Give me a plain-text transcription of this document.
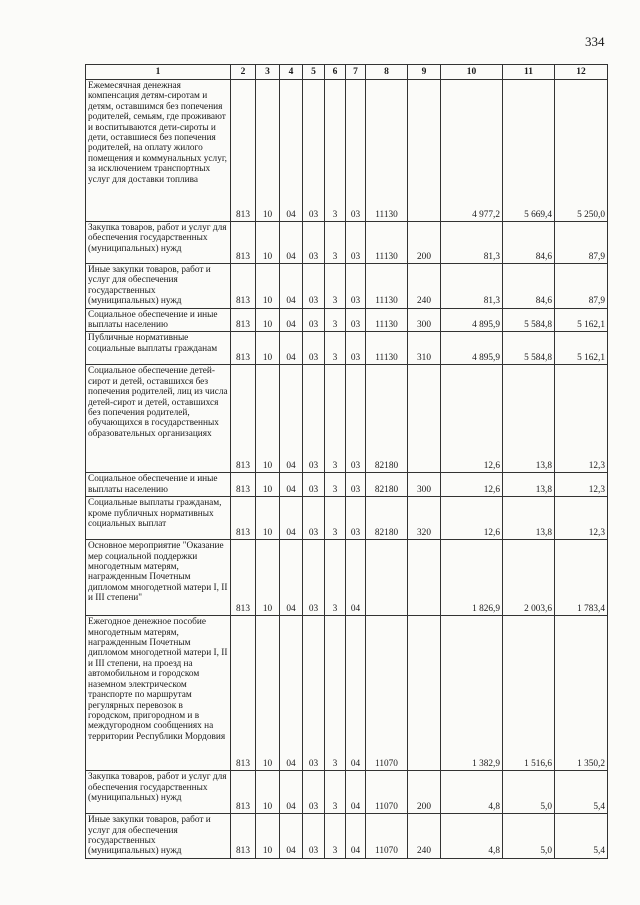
334
1	2	3	4	5	6	7	8	9	10	11	12
Ежемесячная денежная компенсация детям-сиротам и детям, оставшимся без попечения родителей, семьям, где проживают и воспитываются дети-сироты и дети, оставшиеся без попечения родителей, на оплату жилого помещения и коммунальных услуг, за исключением транспортных услуг для доставки топлива	813	10	04	03	3	03	11130		4 977,2	5 669,4	5 250,0
Закупка товаров, работ и услуг для обеспечения государственных (муниципальных) нужд	813	10	04	03	3	03	11130	200	81,3	84,6	87,9
Иные закупки товаров, работ и услуг для обеспечения государственных (муниципальных) нужд	813	10	04	03	3	03	11130	240	81,3	84,6	87,9
Социальное обеспечение и иные выплаты населению	813	10	04	03	3	03	11130	300	4 895,9	5 584,8	5 162,1
Публичные нормативные социальные выплаты гражданам	813	10	04	03	3	03	11130	310	4 895,9	5 584,8	5 162,1
Социальное обеспечение детей-сирот и детей, оставшихся без попечения родителей, лиц из числа детей-сирот и детей, оставшихся без попечения родителей, обучающихся в государственных образовательных организациях	813	10	04	03	3	03	82180		12,6	13,8	12,3
Социальное обеспечение и иные выплаты населению	813	10	04	03	3	03	82180	300	12,6	13,8	12,3
Социальные выплаты гражданам, кроме публичных нормативных социальных выплат	813	10	04	03	3	03	82180	320	12,6	13,8	12,3
Основное мероприятие "Оказание мер социальной поддержки многодетным матерям, награжденным Почетным дипломом многодетной матери I, II и III степени"	813	10	04	03	3	04			1 826,9	2 003,6	1 783,4
Ежегодное денежное пособие многодетным матерям, награжденным Почетным дипломом многодетной матери I, II и III степени, на проезд на автомобильном и городском наземном электрическом транспорте по маршрутам регулярных перевозок в городском, пригородном и в междугородном сообщениях на территории Республики Мордовия	813	10	04	03	3	04	11070		1 382,9	1 516,6	1 350,2
Закупка товаров, работ и услуг для обеспечения государственных (муниципальных) нужд	813	10	04	03	3	04	11070	200	4,8	5,0	5,4
Иные закупки товаров, работ и услуг для обеспечения государственных (муниципальных) нужд	813	10	04	03	3	04	11070	240	4,8	5,0	5,4
